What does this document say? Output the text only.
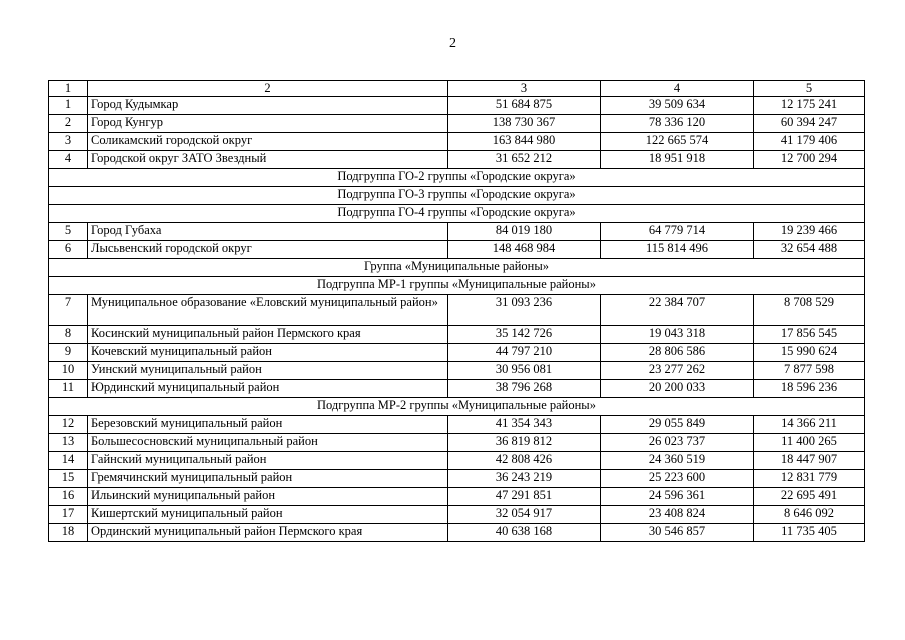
2
1	2	3	4	5
1	Город Кудымкар	51 684 875	39 509 634	12 175 241
2	Город Кунгур	138 730 367	78 336 120	60 394 247
3	Соликамский городской округ	163 844 980	122 665 574	41 179 406
4	Городской округ ЗАТО Звездный	31 652 212	18 951 918	12 700 294
Подгруппа ГО-2 группы «Городские округа»				
Подгруппа ГО-3 группы «Городские округа»				
Подгруппа ГО-4 группы «Городские округа»				
5	Город Губаха	84 019 180	64 779 714	19 239 466
6	Лысьвенский городской округ	148 468 984	115 814 496	32 654 488
Группа «Муниципальные районы»				
Подгруппа МР-1 группы «Муниципальные районы»				
7	Муниципальное образование «Еловский муниципальный район»	31 093 236	22 384 707	8 708 529
8	Косинский муниципальный район Пермского края	35 142 726	19 043 318	17 856 545
9	Кочевский муниципальный район	44 797 210	28 806 586	15 990 624
10	Уинский муниципальный район	30 956 081	23 277 262	7 877 598
11	Юрдинский муниципальный район	38 796 268	20 200 033	18 596 236
Подгруппа МР-2 группы «Муниципальные районы»				
12	Березовский муниципальный район	41 354 343	29 055 849	14 366 211
13	Большесосновский муниципальный район	36 819 812	26 023 737	11 400 265
14	Гайнский муниципальный район	42 808 426	24 360 519	18 447 907
15	Гремячинский муниципальный район	36 243 219	25 223 600	12 831 779
16	Ильинский муниципальный район	47 291 851	24 596 361	22 695 491
17	Кишертский муниципальный район	32 054 917	23 408 824	8 646 092
18	Ординский муниципальный район Пермского края	40 638 168	30 546 857	11 735 405
